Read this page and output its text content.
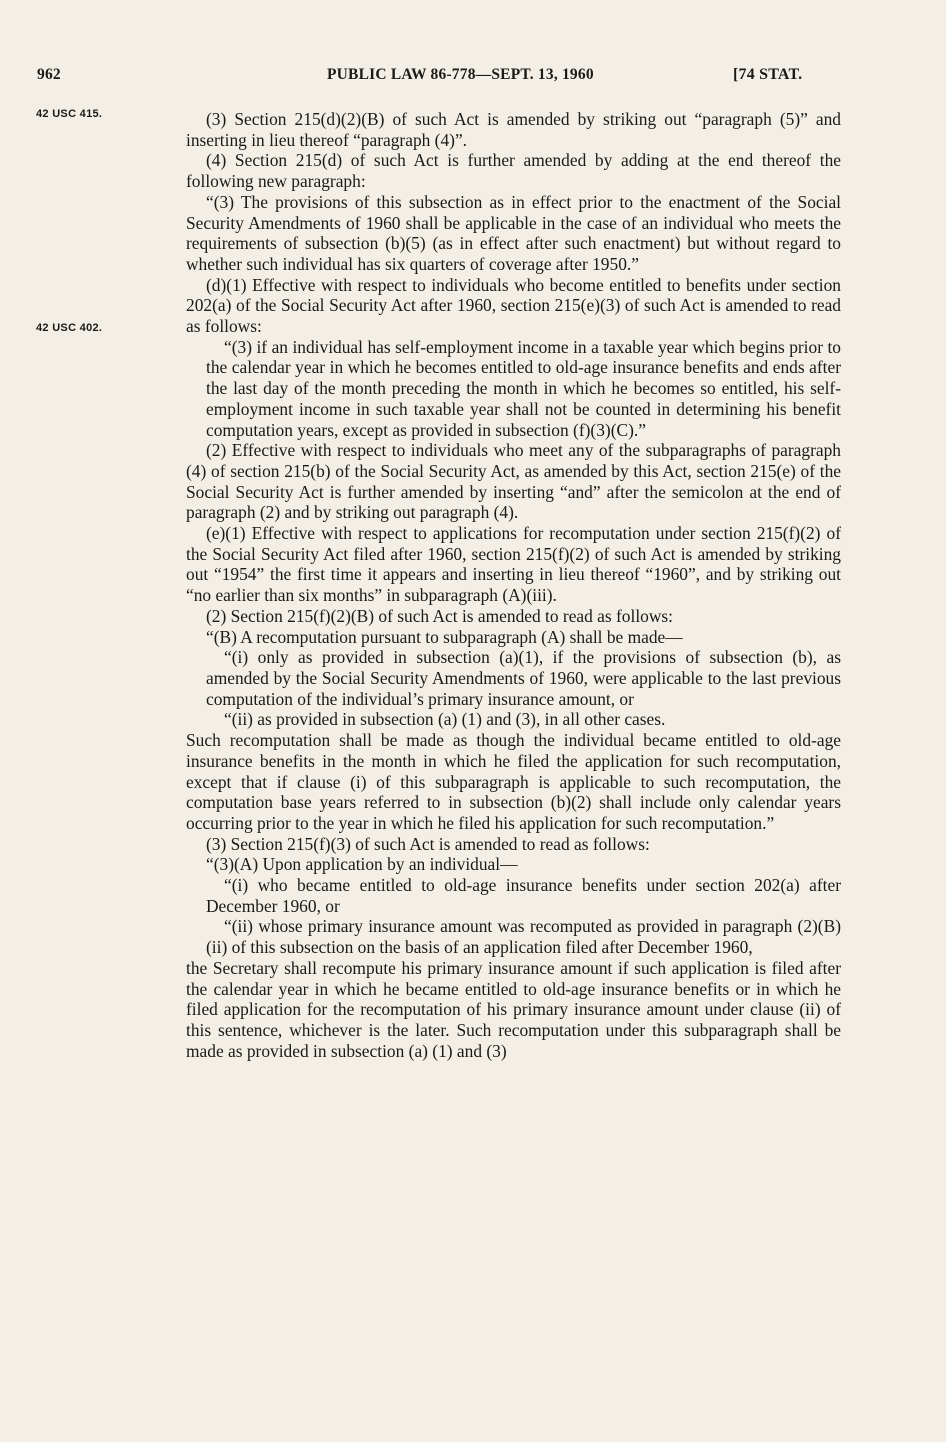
962	PUBLIC LAW 86-778—SEPT. 13, 1960	[74 STAT.
42 USC 415.
42 USC 402.

(3) Section 215(d)(2)(B) of such Act is amended by striking out “paragraph (5)” and inserting in lieu thereof “paragraph (4)”.

(4) Section 215(d) of such Act is further amended by adding at the end thereof the following new paragraph:

“(3) The provisions of this subsection as in effect prior to the enactment of the Social Security Amendments of 1960 shall be applicable in the case of an individual who meets the requirements of subsection (b)(5) (as in effect after such enactment) but without regard to whether such individual has six quarters of coverage after 1950.”

(d)(1) Effective with respect to individuals who become entitled to benefits under section 202(a) of the Social Security Act after 1960, section 215(e)(3) of such Act is amended to read as follows:

“(3) if an individual has self-employment income in a taxable year which begins prior to the calendar year in which he becomes entitled to old-age insurance benefits and ends after the last day of the month preceding the month in which he becomes so entitled, his self-employment income in such taxable year shall not be counted in determining his benefit computation years, except as provided in subsection (f)(3)(C).”

(2) Effective with respect to individuals who meet any of the subparagraphs of paragraph (4) of section 215(b) of the Social Security Act, as amended by this Act, section 215(e) of the Social Security Act is further amended by inserting “and” after the semicolon at the end of paragraph (2) and by striking out paragraph (4).

(e)(1) Effective with respect to applications for recomputation under section 215(f)(2) of the Social Security Act filed after 1960, section 215(f)(2) of such Act is amended by striking out “1954” the first time it appears and inserting in lieu thereof “1960”, and by striking out “no earlier than six months” in subparagraph (A)(iii).

(2) Section 215(f)(2)(B) of such Act is amended to read as follows:

“(B) A recomputation pursuant to subparagraph (A) shall be made—

“(i) only as provided in subsection (a)(1), if the provisions of subsection (b), as amended by the Social Security Amendments of 1960, were applicable to the last previous computation of the individual’s primary insurance amount, or

“(ii) as provided in subsection (a) (1) and (3), in all other cases.

Such recomputation shall be made as though the individual became entitled to old-age insurance benefits in the month in which he filed the application for such recomputation, except that if clause (i) of this subparagraph is applicable to such recomputation, the computation base years referred to in subsection (b)(2) shall include only calendar years occurring prior to the year in which he filed his application for such recomputation.”

(3) Section 215(f)(3) of such Act is amended to read as follows:

“(3)(A) Upon application by an individual—

“(i) who became entitled to old-age insurance benefits under section 202(a) after December 1960, or

“(ii) whose primary insurance amount was recomputed as provided in paragraph (2)(B)(ii) of this subsection on the basis of an application filed after December 1960,

the Secretary shall recompute his primary insurance amount if such application is filed after the calendar year in which he became entitled to old-age insurance benefits or in which he filed application for the recomputation of his primary insurance amount under clause (ii) of this sentence, whichever is the later. Such recomputation under this subparagraph shall be made as provided in subsection (a) (1) and (3)
